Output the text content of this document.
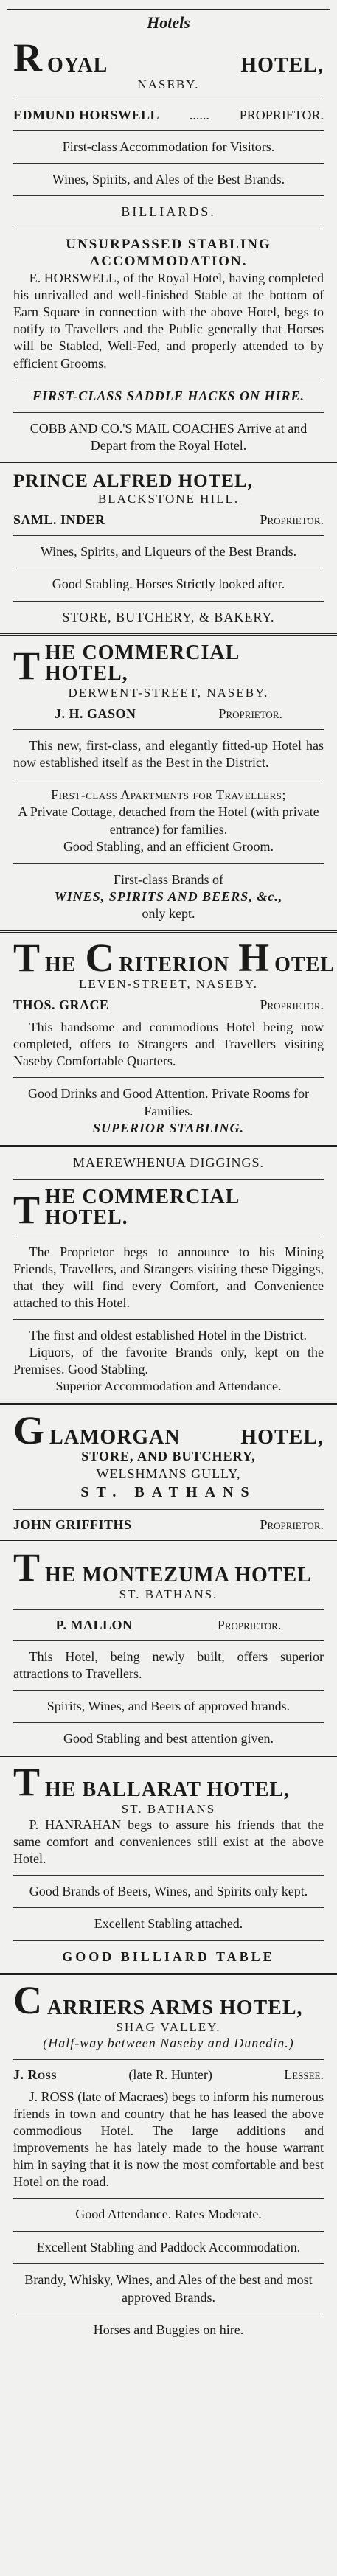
Hotels
R OYAL	HOTEL,
NASEBY.
EDMUND HORSWELL ...... PROPRIETOR.

First-class Accommodation for Visitors.

Wines, Spirits, and Ales of the Best Brands.

BILLIARDS.

UNSURPASSED STABLING ACCOMMODATION.

E. HORSWELL, of the Royal Hotel, having completed his unrivalled and well-finished Stable at the bottom of Earn Square in connection with the above Hotel, begs to notify to Travellers and the Public generally that Horses will be Stabled, Well-Fed, and properly attended to by efficient Grooms.

FIRST-CLASS SADDLE HACKS ON HIRE.

COBB AND CO.'S MAIL COACHES Arrive at and Depart from the Royal Hotel.

PRINCE ALFRED HOTEL,
BLACKSTONE HILL.
SAML. INDER	Proprietor.

Wines, Spirits, and Liqueurs of the Best Brands.

Good Stabling. Horses Strictly looked after.

STORE, BUTCHERY, & BAKERY.

T HE COMMERCIAL HOTEL,
DERWENT-STREET, NASEBY.
J. H. GASON	Proprietor.

This new, first-class, and elegantly fitted-up Hotel has now established itself as the Best in the District.

First-class Apartments for Travellers;

A Private Cottage, detached from the Hotel (with private entrance) for families.

Good Stabling, and an efficient Groom.

First-class Brands of

WINES, SPIRITS AND BEERS, &c.,

only kept.

T HE C RITERION H OTEL
LEVEN-STREET, NASEBY.
THOS. GRACE	Proprietor.

This handsome and commodious Hotel being now completed, offers to Strangers and Travellers visiting Naseby Comfortable Quarters.

Good Drinks and Good Attention. Private Rooms for Families.

SUPERIOR STABLING.

MAEREWHENUA DIGGINGS.

T HE COMMERCIAL HOTEL.

The Proprietor begs to announce to his Mining Friends, Travellers, and Strangers visiting these Diggings, that they will find every Comfort, and Convenience attached to this Hotel.

The first and oldest established Hotel in the District.

Liquors, of the favorite Brands only, kept on the Premises. Good Stabling.

Superior Accommodation and Attendance.

G LAMORGAN	HOTEL,

STORE, AND BUTCHERY,

WELSHMANS GULLY,

ST. BATHANS

JOHN GRIFFITHS	Proprietor.
T HE MONTEZUMA HOTEL
ST. BATHANS.
P. MALLON	Proprietor.

This Hotel, being newly built, offers superior attractions to Travellers.

Spirits, Wines, and Beers of approved brands.

Good Stabling and best attention given.

T HE BALLARAT HOTEL,
ST. BATHANS

P. HANRAHAN begs to assure his friends that the same comfort and conveniences still exist at the above Hotel.

Good Brands of Beers, Wines, and Spirits only kept.

Excellent Stabling attached.

GOOD BILLIARD TABLE

C ARRIERS ARMS HOTEL,
SHAG VALLEY.

(Half-way between Naseby and Dunedin.)

J. Ross	(late R. Hunter)	Lessee.

J. ROSS (late of Macraes) begs to inform his numerous friends in town and country that he has leased the above commodious Hotel. The large additions and improvements he has lately made to the house warrant him in saying that it is now the most comfortable and best Hotel on the road.

Good Attendance. Rates Moderate.

Excellent Stabling and Paddock Accommodation.

Brandy, Whisky, Wines, and Ales of the best and most approved Brands.

Horses and Buggies on hire.
